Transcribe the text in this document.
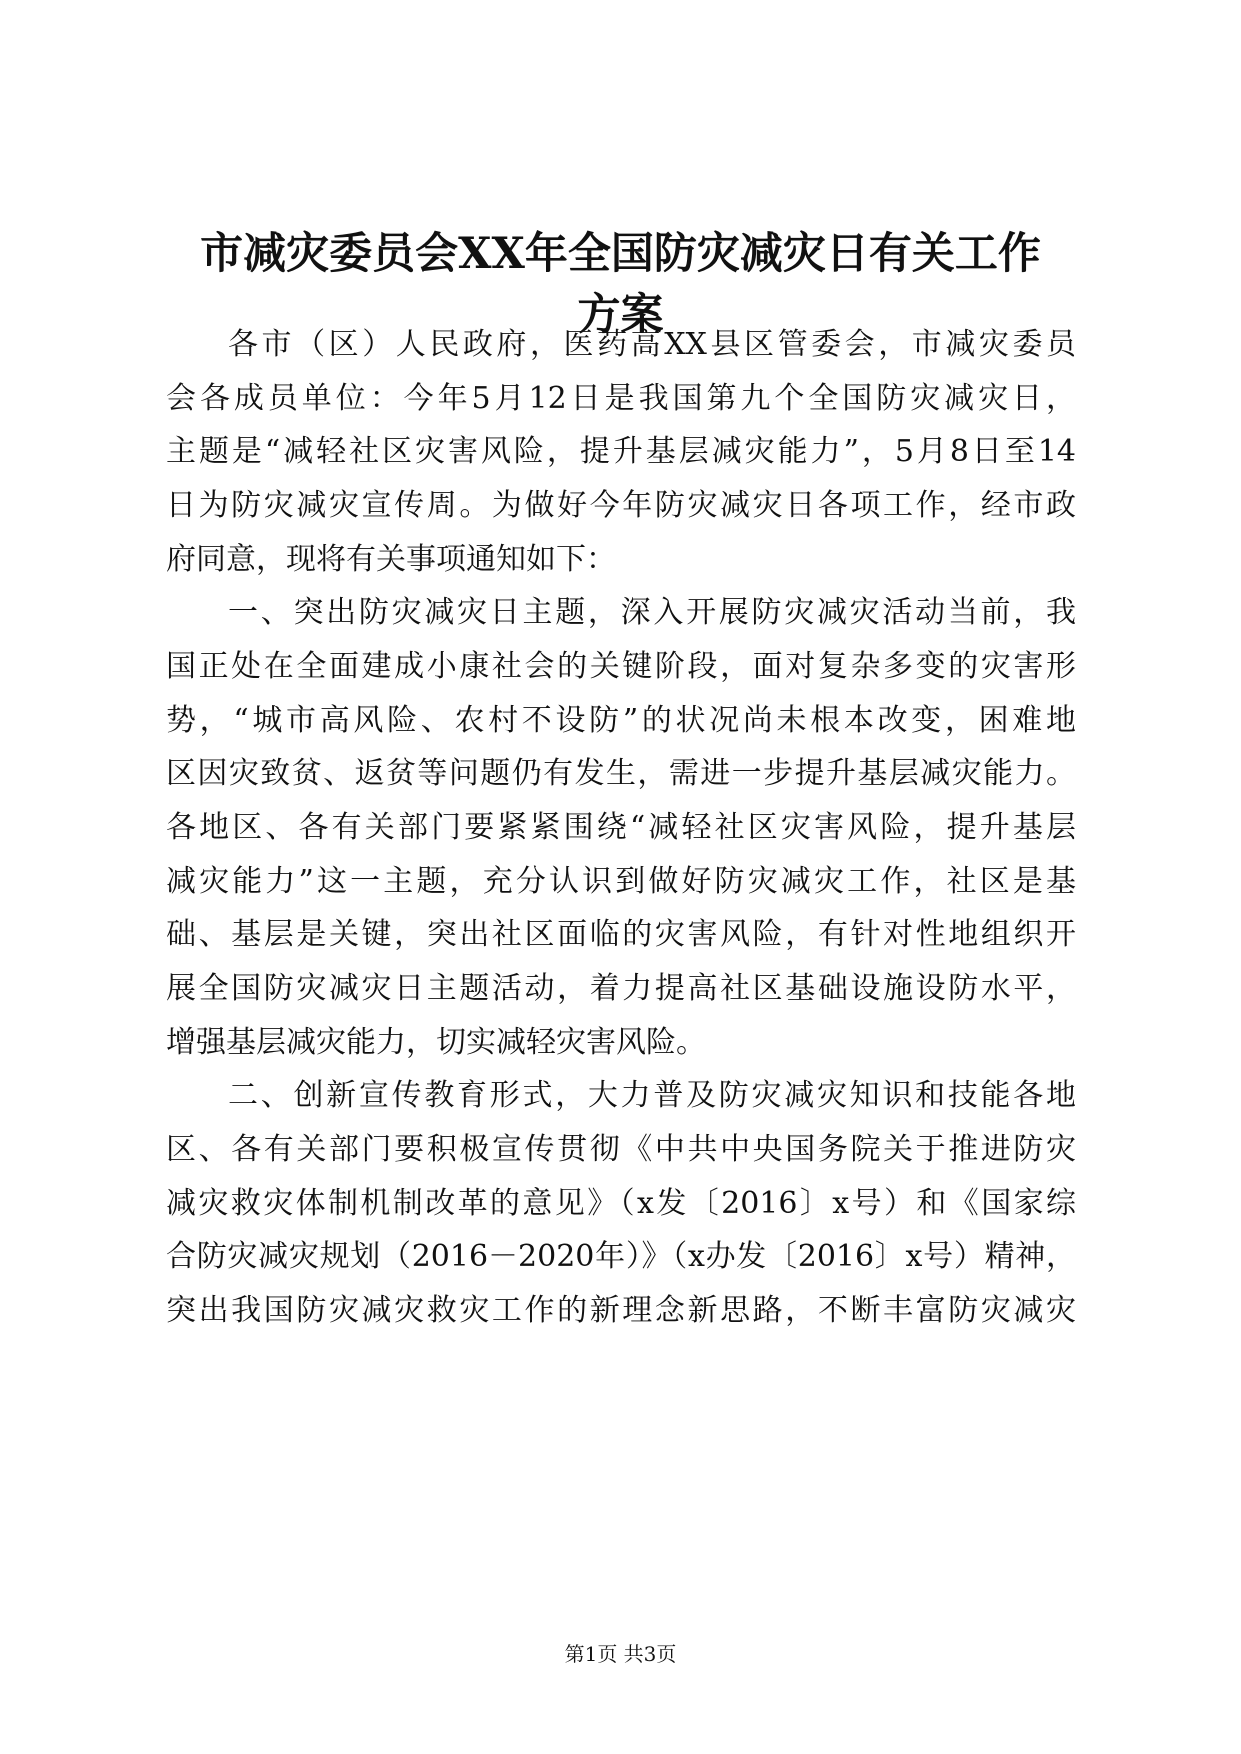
市减灾委员会XX年全国防灾减灾日有关工作
方案
各市（区）人民政府，医药高XX县区管委会，市减灾委员
会各成员单位：今年5月12日是我国第九个全国防灾减灾日，
主题是“减轻社区灾害风险，提升基层减灾能力”，5月8日至14
日为防灾减灾宣传周。为做好今年防灾减灾日各项工作，经市政
府同意，现将有关事项通知如下：
一、突出防灾减灾日主题，深入开展防灾减灾活动当前，我
国正处在全面建成小康社会的关键阶段，面对复杂多变的灾害形
势，“城市高风险、农村不设防”的状况尚未根本改变，困难地
区因灾致贫、返贫等问题仍有发生，需进一步提升基层减灾能力。
各地区、各有关部门要紧紧围绕“减轻社区灾害风险，提升基层
减灾能力”这一主题，充分认识到做好防灾减灾工作，社区是基
础、基层是关键，突出社区面临的灾害风险，有针对性地组织开
展全国防灾减灾日主题活动，着力提高社区基础设施设防水平，
增强基层减灾能力，切实减轻灾害风险。
二、创新宣传教育形式，大力普及防灾减灾知识和技能各地
区、各有关部门要积极宣传贯彻《中共中央国务院关于推进防灾
减灾救灾体制机制改革的意见》（x发〔2016〕x号）和《国家综
合防灾减灾规划（2016－2020年）》（x办发〔2016〕x号）精神，
突出我国防灾减灾救灾工作的新理念新思路，不断丰富防灾减灾
第1页 共3页
